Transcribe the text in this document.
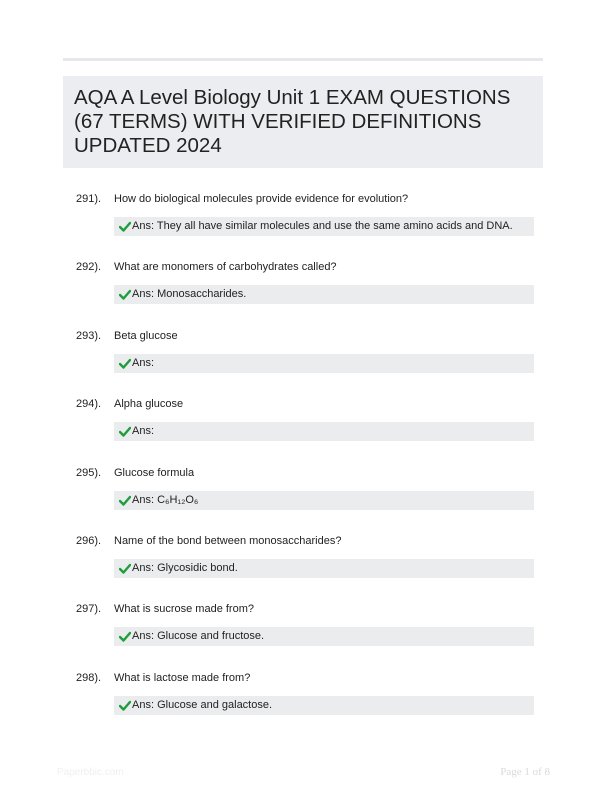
AQA A Level Biology Unit 1 EXAM QUESTIONS (67 TERMS) WITH VERIFIED DEFINITIONS UPDATED 2024
291). How do biological molecules provide evidence for evolution?
Ans: They all have similar molecules and use the same amino acids and DNA.
292). What are monomers of carbohydrates called?
Ans: Monosaccharides.
293). Beta glucose
Ans:
294). Alpha glucose
Ans:
295). Glucose formula
Ans: C₆H₁₂O₆
296). Name of the bond between monosaccharides?
Ans: Glycosidic bond.
297). What is sucrose made from?
Ans: Glucose and fructose.
298). What is lactose made from?
Ans: Glucose and galactose.
Paperbbic.com	Page 1 of 8
